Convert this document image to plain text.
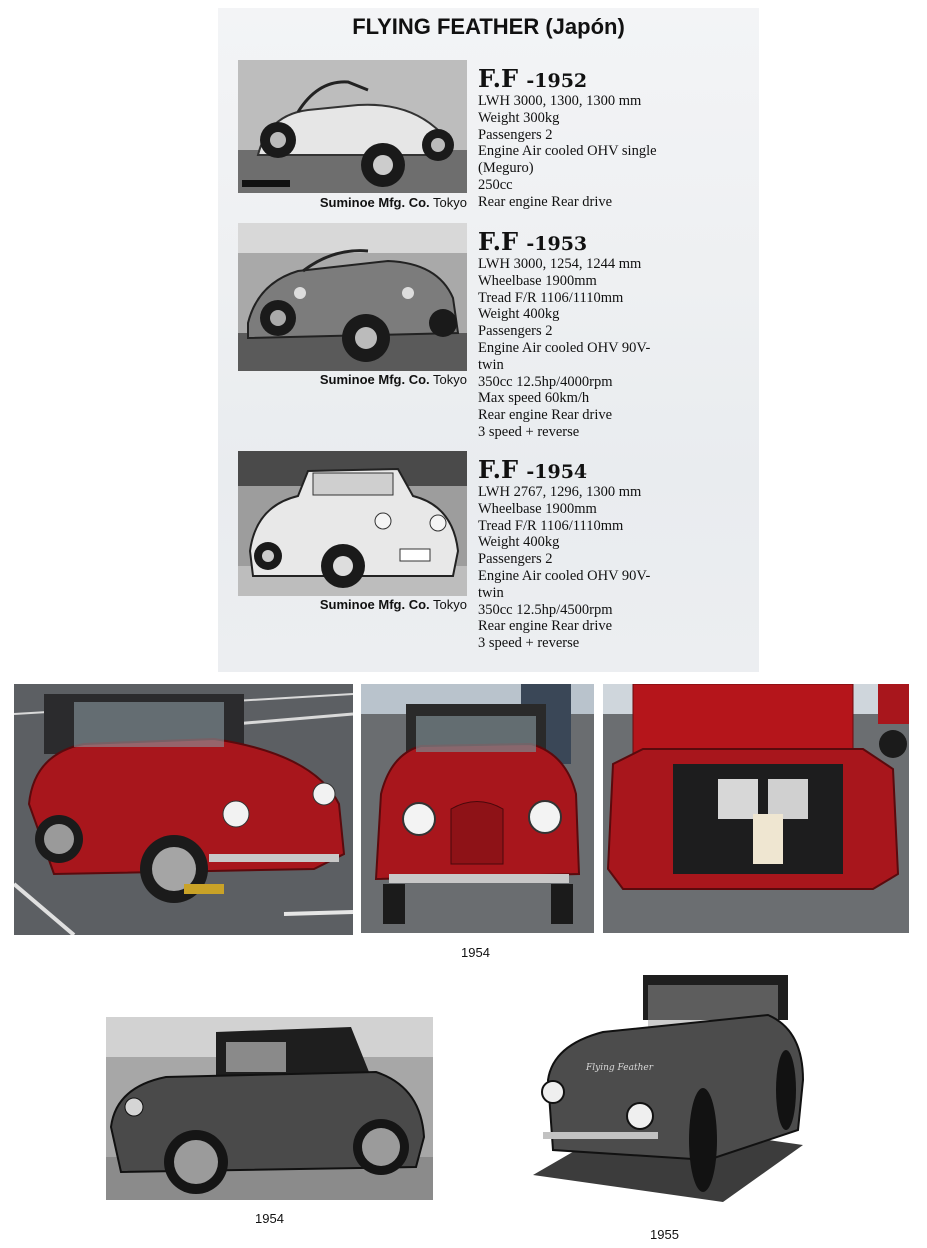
FLYING FEATHER (Japón)
F.F -1952
LWH 3000, 1300, 1300 mm
Weight 300kg
Passengers 2
Engine Air cooled OHV single
(Meguro)
250cc
Rear engine Rear drive
Suminoe Mfg. Co. Tokyo
F.F -1953
LWH 3000, 1254, 1244 mm
Wheelbase 1900mm
Tread F/R 1106/1110mm
Weight 400kg
Passengers 2
Engine Air cooled OHV 90V-
twin
350cc 12.5hp/4000rpm
Max speed 60km/h
Rear engine Rear drive
3 speed + reverse
Suminoe Mfg. Co. Tokyo
F.F -1954
LWH 2767, 1296, 1300 mm
Wheelbase 1900mm
Tread F/R 1106/1110mm
Weight 400kg
Passengers 2
Engine Air cooled OHV 90V-
twin
350cc 12.5hp/4500rpm
Rear engine Rear drive
3 speed + reverse
Suminoe Mfg. Co. Tokyo
1954
1954
Flying Feather
1955
